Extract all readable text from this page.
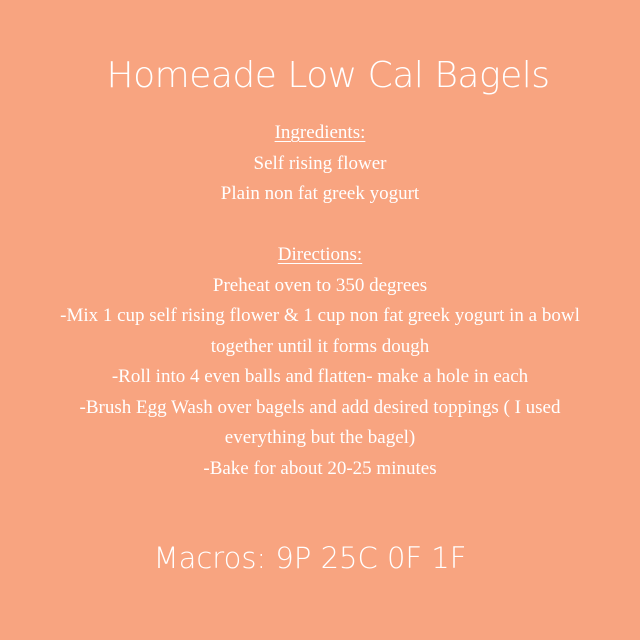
Homeade Low Cal Bagels
Ingredients:
Self rising flower
Plain non fat greek yogurt
Directions:
Preheat oven to 350 degrees
-Mix 1 cup self rising flower & 1 cup non fat greek yogurt in a bowl together until it forms dough
-Roll into 4 even balls and flatten- make a hole in each
-Brush Egg Wash over bagels and add desired toppings ( I used everything but the bagel)
-Bake for about 20-25 minutes
Macros: 9P 25C 0F 1F
